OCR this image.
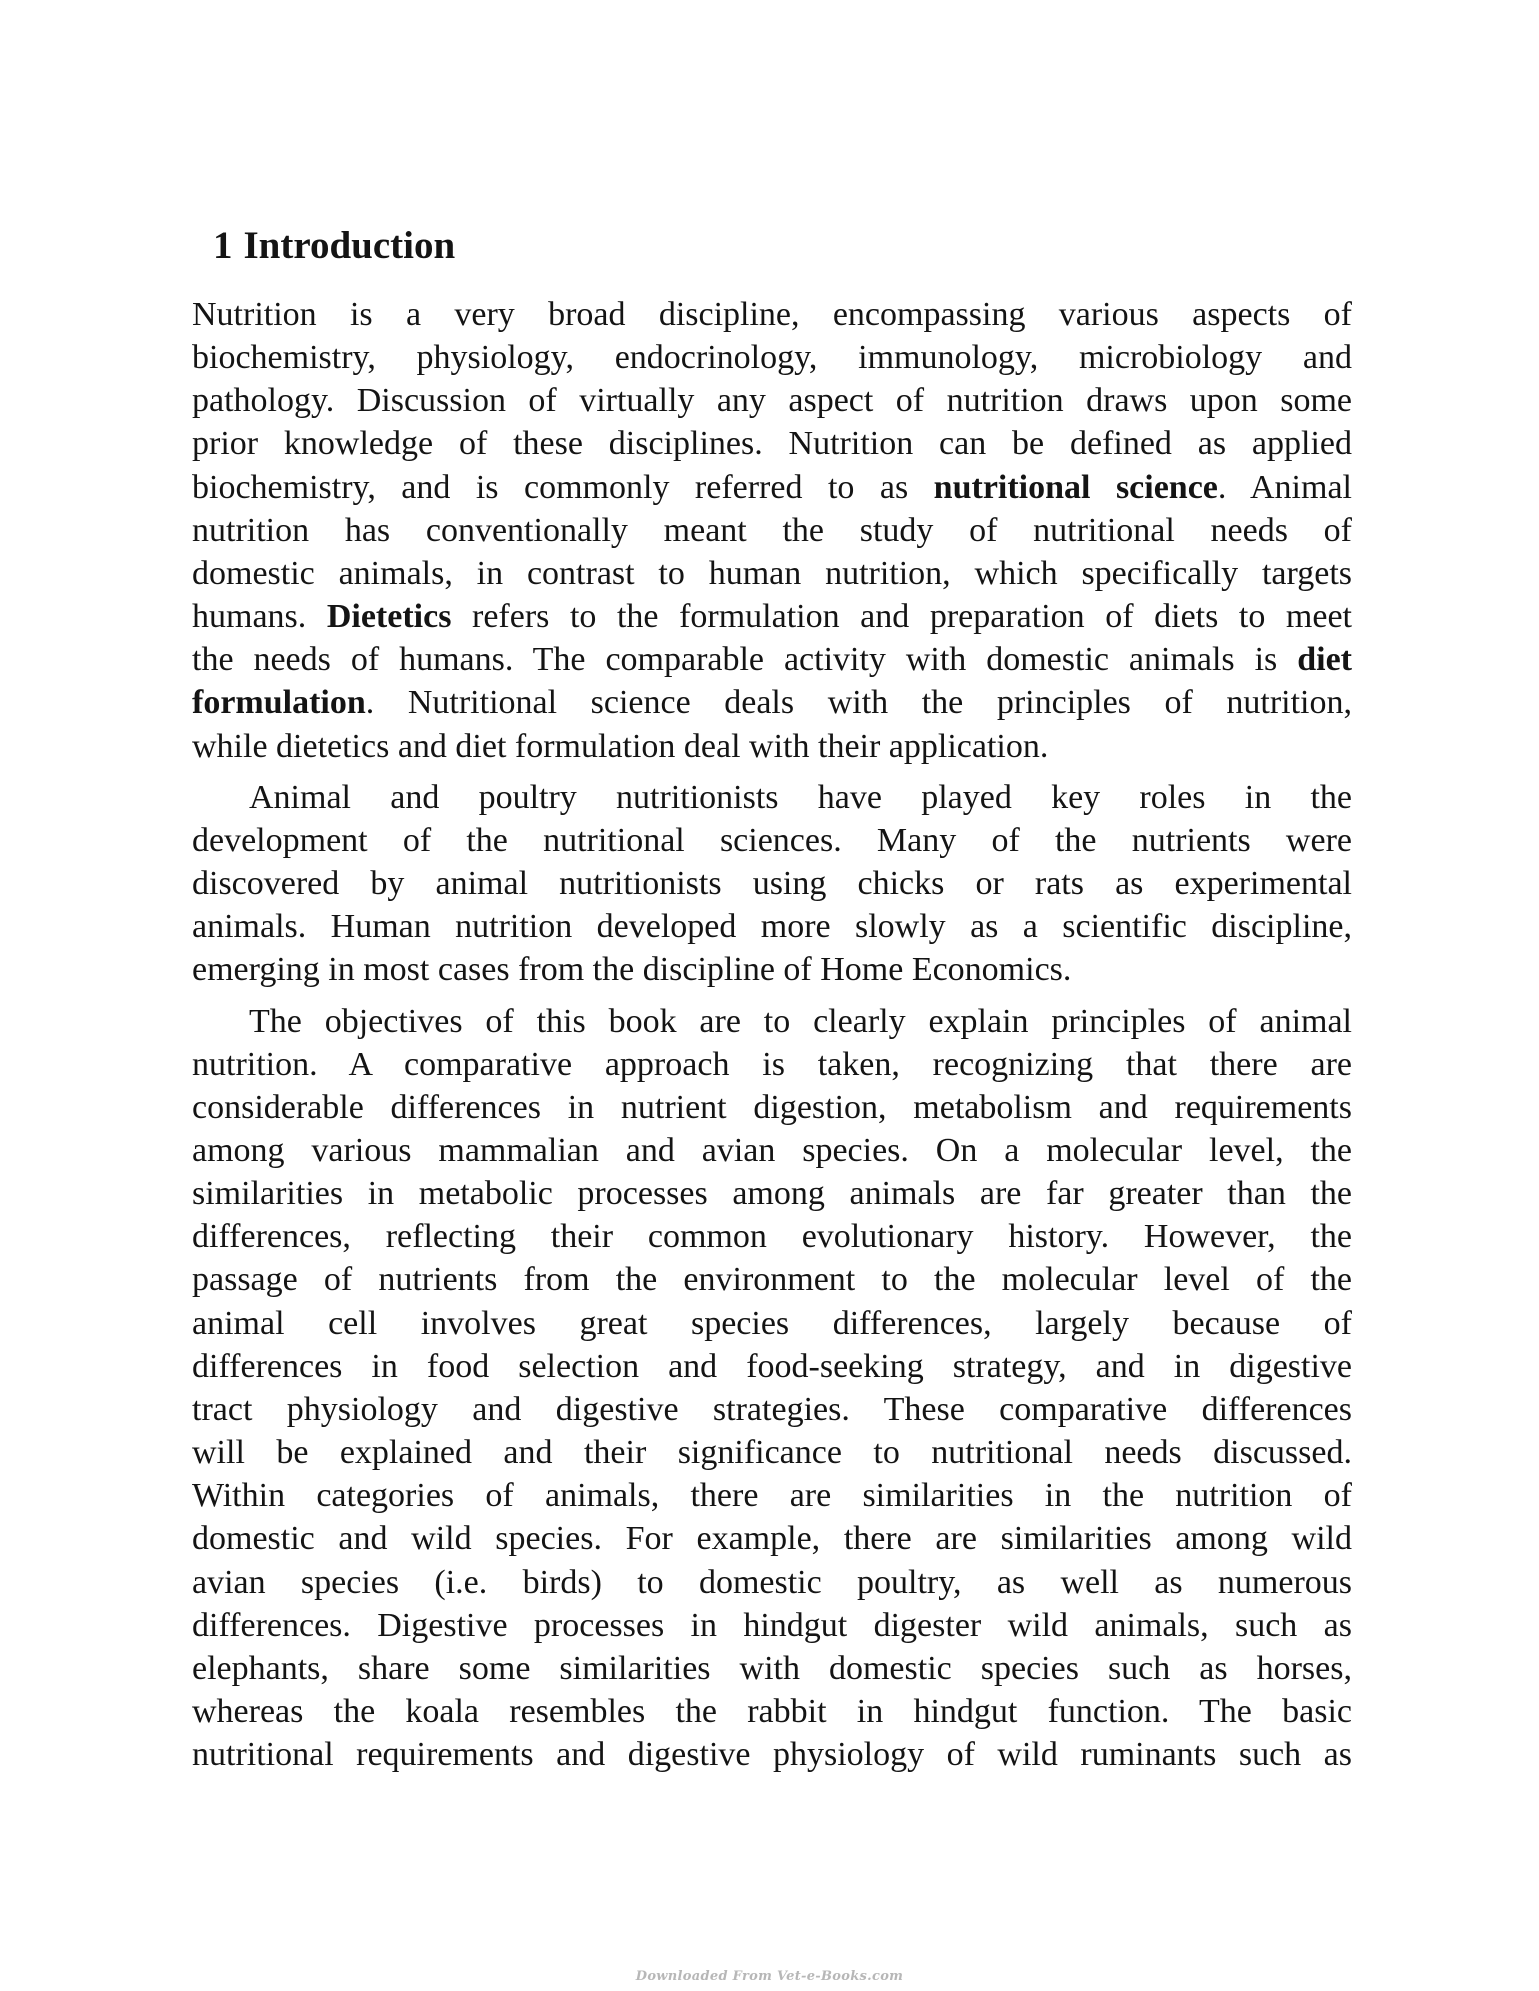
1 Introduction

Nutrition is a very broad discipline, encompassing various aspects of
biochemistry, physiology, endocrinology, immunology, microbiology and
pathology. Discussion of virtually any aspect of nutrition draws upon some
prior knowledge of these disciplines. Nutrition can be defined as applied
biochemistry, and is commonly referred to as nutritional science. Animal
nutrition has conventionally meant the study of nutritional needs of
domestic animals, in contrast to human nutrition, which specifically targets
humans. Dietetics refers to the formulation and preparation of diets to meet
the needs of humans. The comparable activity with domestic animals is diet
formulation. Nutritional science deals with the principles of nutrition,
while dietetics and diet formulation deal with their application.

Animal and poultry nutritionists have played key roles in the
development of the nutritional sciences. Many of the nutrients were
discovered by animal nutritionists using chicks or rats as experimental
animals. Human nutrition developed more slowly as a scientific discipline,
emerging in most cases from the discipline of Home Economics.

The objectives of this book are to clearly explain principles of animal
nutrition. A comparative approach is taken, recognizing that there are
considerable differences in nutrient digestion, metabolism and requirements
among various mammalian and avian species. On a molecular level, the
similarities in metabolic processes among animals are far greater than the
differences, reflecting their common evolutionary history. However, the
passage of nutrients from the environment to the molecular level of the
animal cell involves great species differences, largely because of
differences in food selection and food-seeking strategy, and in digestive
tract physiology and digestive strategies. These comparative differences
will be explained and their significance to nutritional needs discussed.
Within categories of animals, there are similarities in the nutrition of
domestic and wild species. For example, there are similarities among wild
avian species (i.e. birds) to domestic poultry, as well as numerous
differences. Digestive processes in hindgut digester wild animals, such as
elephants, share some similarities with domestic species such as horses,
whereas the koala resembles the rabbit in hindgut function. The basic
nutritional requirements and digestive physiology of wild ruminants such as

Downloaded From Vet-e-Books.com
